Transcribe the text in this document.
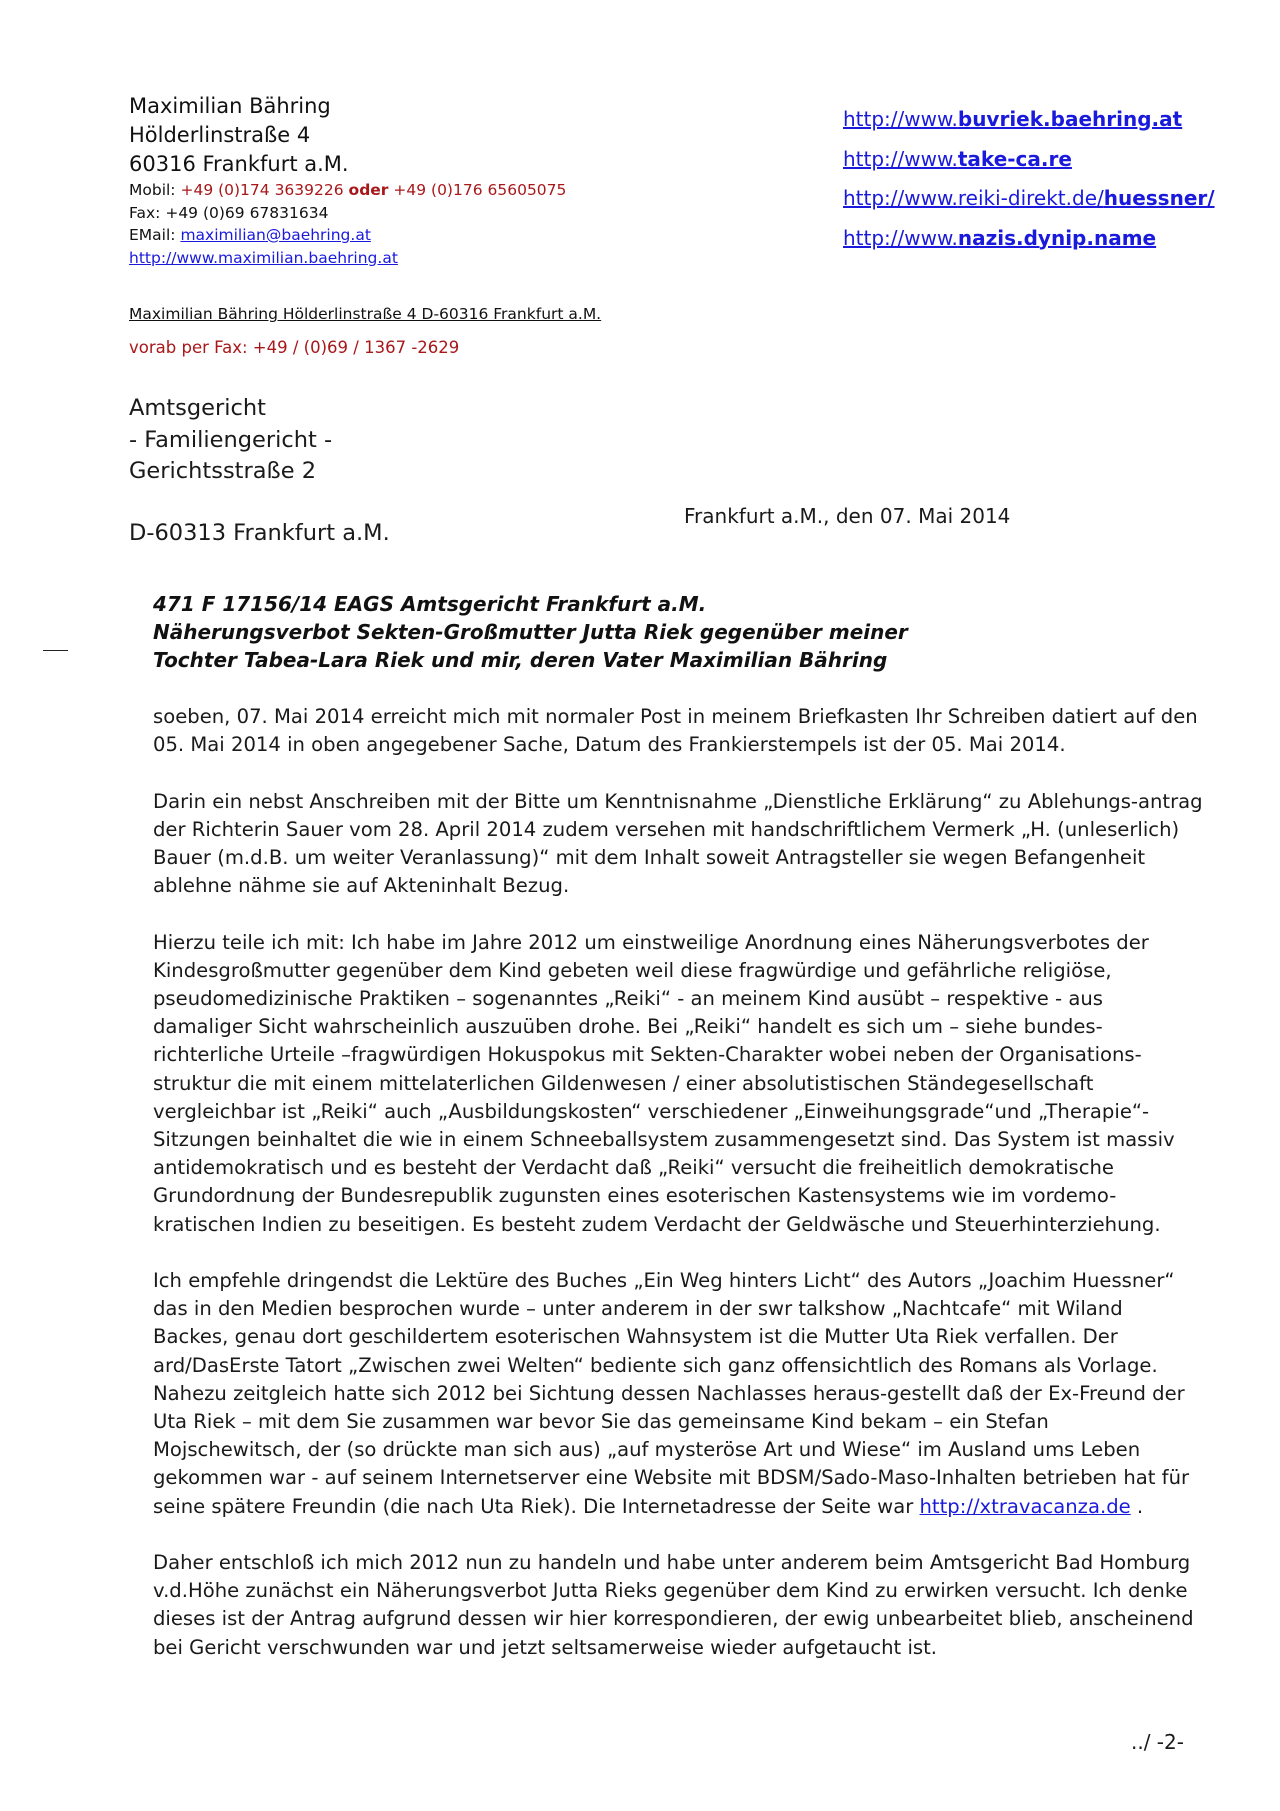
Maximilian Bähring
Hölderlinstraße 4
60316 Frankfurt a.M.
Mobil: +49 (0)174 3639226 oder +49 (0)176 65605075
Fax: +49 (0)69 67831634
EMail: maximilian@baehring.at
http://www.maximilian.baehring.at
http://www.buvriek.baehring.at
http://www.take-ca.re
http://www.reiki-direkt.de/huessner/
http://www.nazis.dynip.name
Maximilian Bähring Hölderlinstraße 4 D-60316 Frankfurt a.M.
vorab per Fax: +49 / (0)69 / 1367 -2629
Amtsgericht
- Familiengericht -
Gerichtsstraße 2
D-60313 Frankfurt a.M.
Frankfurt a.M., den 07. Mai 2014
471 F 17156/14 EAGS Amtsgericht Frankfurt a.M.
Näherungsverbot Sekten-Großmutter Jutta Riek gegenüber meiner
Tochter Tabea-Lara Riek und mir, deren Vater Maximilian Bähring

soeben, 07. Mai 2014 erreicht mich mit normaler Post in meinem Briefkasten Ihr Schreiben datiert auf den 05. Mai 2014 in oben angegebener Sache, Datum des Frankierstempels ist der 05. Mai 2014.

Darin ein nebst Anschreiben mit der Bitte um Kenntnisnahme „Dienstliche Erklärung“ zu Ablehungs-antrag der Richterin Sauer vom 28. April 2014 zudem versehen mit handschriftlichem Vermerk „H. (unleserlich) Bauer (m.d.B. um weiter Veranlassung)“ mit dem Inhalt soweit Antragsteller sie wegen Befangenheit ablehne nähme sie auf Akteninhalt Bezug.

Hierzu teile ich mit: Ich habe im Jahre 2012 um einstweilige Anordnung eines Näherungsverbotes der Kindesgroßmutter gegenüber dem Kind gebeten weil diese fragwürdige und gefährliche religiöse, pseudomedizinische Praktiken – sogenanntes „Reiki“ - an meinem Kind ausübt – respektive - aus damaliger Sicht wahrscheinlich auszuüben drohe. Bei „Reiki“ handelt es sich um – siehe bundes-richterliche Urteile –fragwürdigen Hokuspokus mit Sekten-Charakter wobei neben der Organisations-struktur die mit einem mittelaterlichen Gildenwesen / einer absolutistischen Ständegesellschaft vergleichbar ist „Reiki“ auch „Ausbildungskosten“ verschiedener „Einweihungsgrade“und „Therapie“-Sitzungen beinhaltet die wie in einem Schneeballsystem zusammengesetzt sind. Das System ist massiv antidemokratisch und es besteht der Verdacht daß „Reiki“ versucht die freiheitlich demokratische Grundordnung der Bundesrepublik zugunsten eines esoterischen Kastensystems wie im vordemo-kratischen Indien zu beseitigen. Es besteht zudem Verdacht der Geldwäsche und Steuerhinterziehung.

Ich empfehle dringendst die Lektüre des Buches „Ein Weg hinters Licht“ des Autors „Joachim Huessner“ das in den Medien besprochen wurde – unter anderem in der swr talkshow „Nachtcafe“ mit Wiland Backes, genau dort geschildertem esoterischen Wahnsystem ist die Mutter Uta Riek verfallen. Der ard/DasErste Tatort „Zwischen zwei Welten“ bediente sich ganz offensichtlich des Romans als Vorlage. Nahezu zeitgleich hatte sich 2012 bei Sichtung dessen Nachlasses heraus-gestellt daß der Ex-Freund der Uta Riek – mit dem Sie zusammen war bevor Sie das gemeinsame Kind bekam – ein Stefan Mojschewitsch, der (so drückte man sich aus) „auf mysteröse Art und Wiese“ im Ausland ums Leben gekommen war - auf seinem Internetserver eine Website mit BDSM/Sado-Maso-Inhalten betrieben hat für seine spätere Freundin (die nach Uta Riek). Die Internetadresse der Seite war http://xtravacanza.de .

Daher entschloß ich mich 2012 nun zu handeln und habe unter anderem beim Amtsgericht Bad Homburg v.d.Höhe zunächst ein Näherungsverbot Jutta Rieks gegenüber dem Kind zu erwirken versucht. Ich denke dieses ist der Antrag aufgrund dessen wir hier korrespondieren, der ewig unbearbeitet blieb, anscheinend bei Gericht verschwunden war und jetzt seltsamerweise wieder aufgetaucht ist.

../ -2-
